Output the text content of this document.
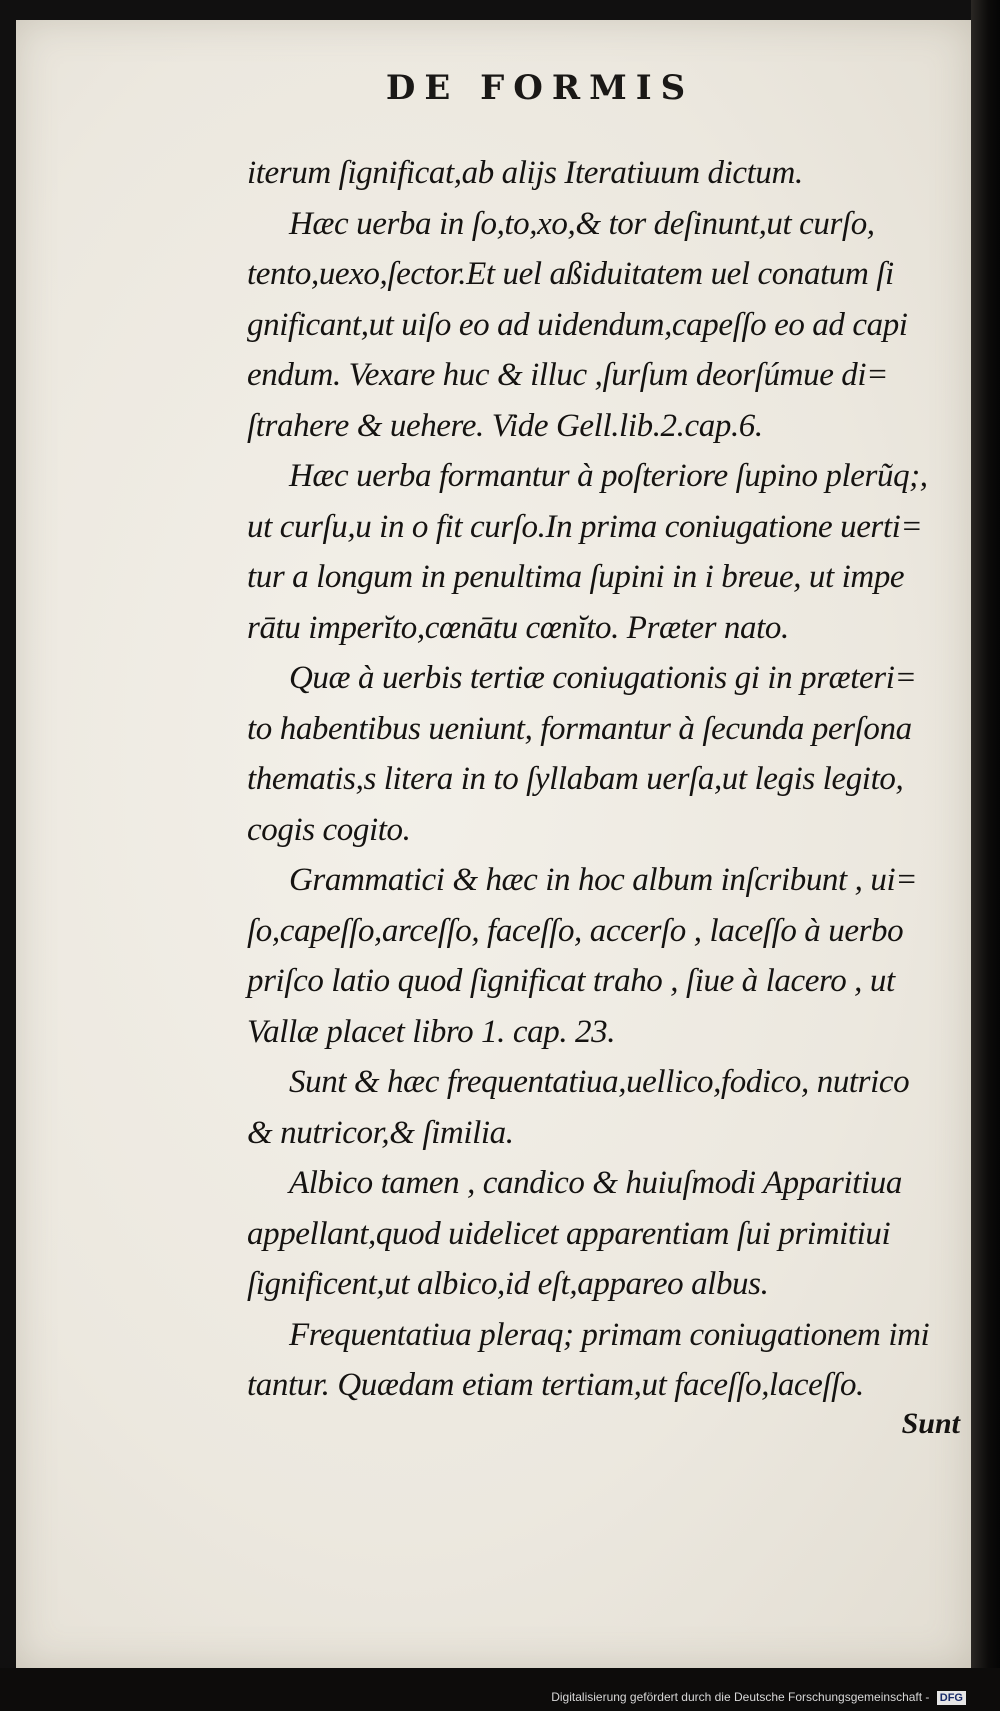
DE FORMIS
iterum ſignificat,ab alijs Iteratiuum dictum.
Hæc uerba in ſo,to,xo,& tor deſinunt,ut curſo,
tento,uexo,ſector.Et uel aßiduitatem uel conatum ſi
gnificant,ut uiſo eo ad uidendum,capeſſo eo ad capi
endum. Vexare huc & illuc ,ſurſum deorſúmue di=
ſtrahere & uehere. Vide Gell.lib.2.cap.6.
Hæc uerba formantur à poſteriore ſupino plerũq;,
ut curſu,u in o fit curſo.In prima coniugatione uerti=
tur a longum in penultima ſupini in i breue, ut impe
rātu imperĭto,cœnātu cœnĭto. Præter nato.
Quæ à uerbis tertiæ coniugationis gi in præteri=
to habentibus ueniunt, formantur à ſecunda perſona
thematis,s litera in to ſyllabam uerſa,ut legis legito,
cogis cogito.
Grammatici & hæc in hoc album inſcribunt , ui=
ſo,capeſſo,arceſſo, faceſſo, accerſo , laceſſo à uerbo
priſco latio quod ſignificat traho , ſiue à lacero , ut
Vallæ placet libro 1. cap. 23.
Sunt & hæc frequentatiua,uellico,fodico, nutrico
& nutricor,& ſimilia.
Albico tamen , candico & huiuſmodi Apparitiua
appellant,quod uidelicet apparentiam ſui primitiui
ſignificent,ut albico,id eſt,appareo albus.
Frequentatiua pleraq; primam coniugationem imi
tantur. Quædam etiam tertiam,ut faceſſo,laceſſo.
Sunt
Digitalisierung gefördert durch die Deutsche Forschungsgemeinschaft - DFG
